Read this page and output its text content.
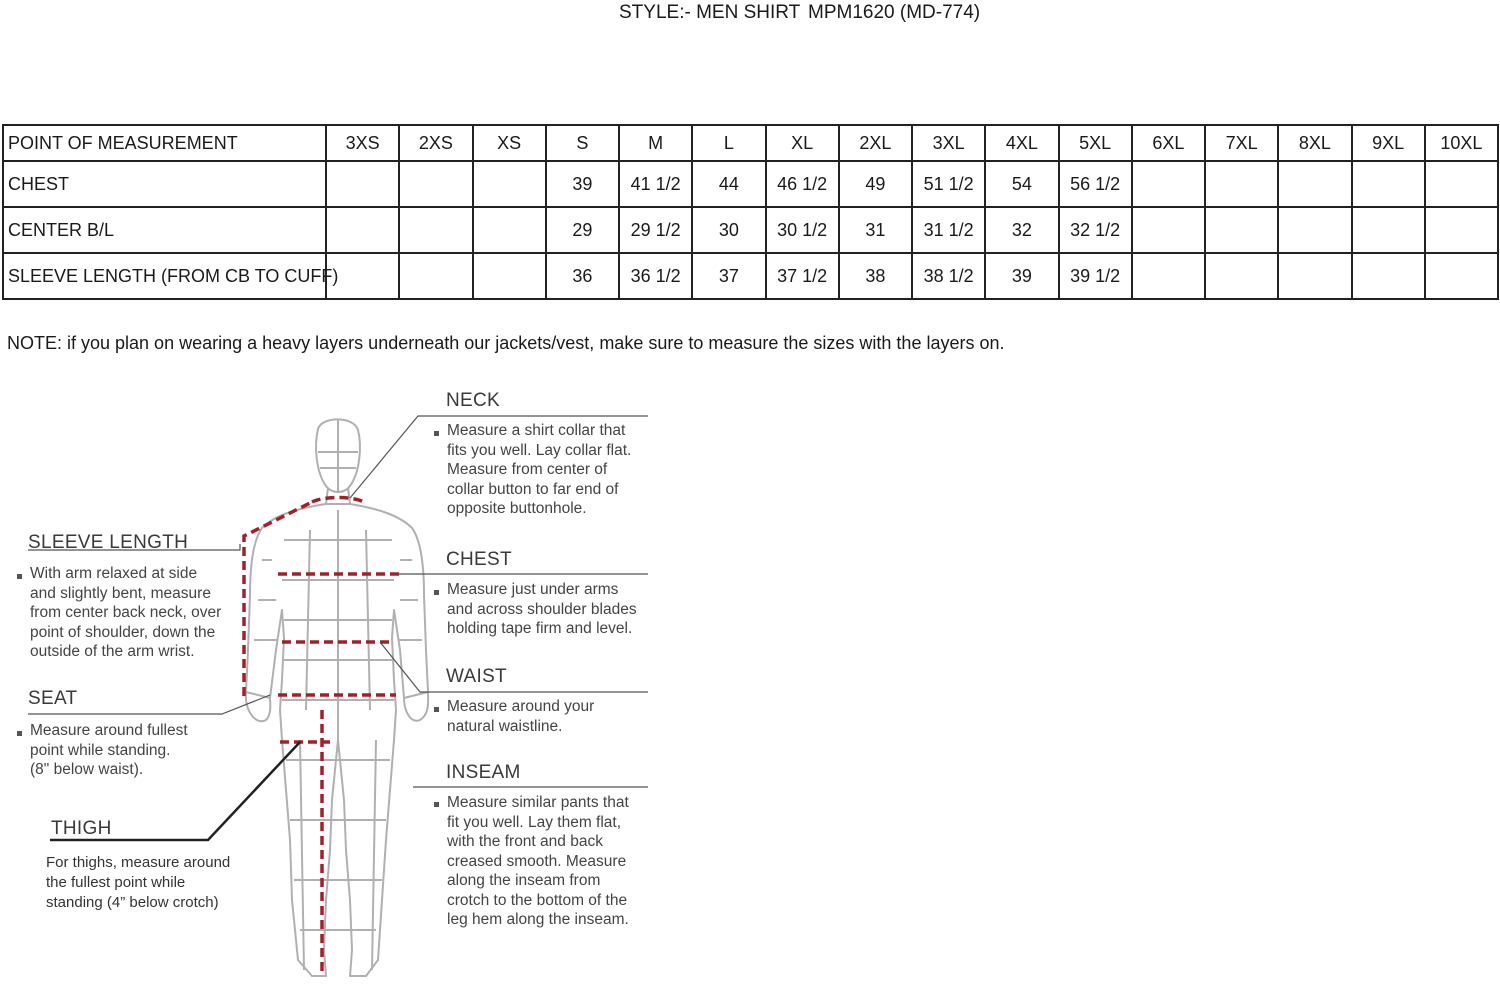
STYLE:- MEN SHIRT MPM1620 (MD-774)
POINT OF MEASUREMENT	3XS	2XS	XS	S	M	L	XL	2XL	3XL	4XL	5XL	6XL	7XL	8XL	9XL	10XL
CHEST				39	41 1/2	44	46 1/2	49	51 1/2	54	56 1/2					
CENTER B/L				29	29 1/2	30	30 1/2	31	31 1/2	32	32 1/2					
SLEEVE LENGTH (FROM CB TO CUFF)				36	36 1/2	37	37 1/2	38	38 1/2	39	39 1/2					
NOTE: if you plan on wearing a heavy layers underneath our jackets/vest, make sure to measure the sizes with the layers on.
NECK
Measure a shirt collar that
fits you well. Lay collar flat.
Measure from center of
collar button to far end of
opposite buttonhole.
CHEST
Measure just under arms
and across shoulder blades
holding tape firm and level.
WAIST
Measure around your
natural waistline.
INSEAM
Measure similar pants that
fit you well. Lay them flat,
with the front and back
creased smooth. Measure
along the inseam from
crotch to the bottom of the
leg hem along the inseam.
SLEEVE LENGTH
With arm relaxed at side
and slightly bent, measure
from center back neck, over
point of shoulder, down the
outside of the arm wrist.
SEAT
Measure around fullest
point while standing.
(8" below waist).
THIGH
For thighs, measure around
the fullest point while
standing (4” below crotch)
